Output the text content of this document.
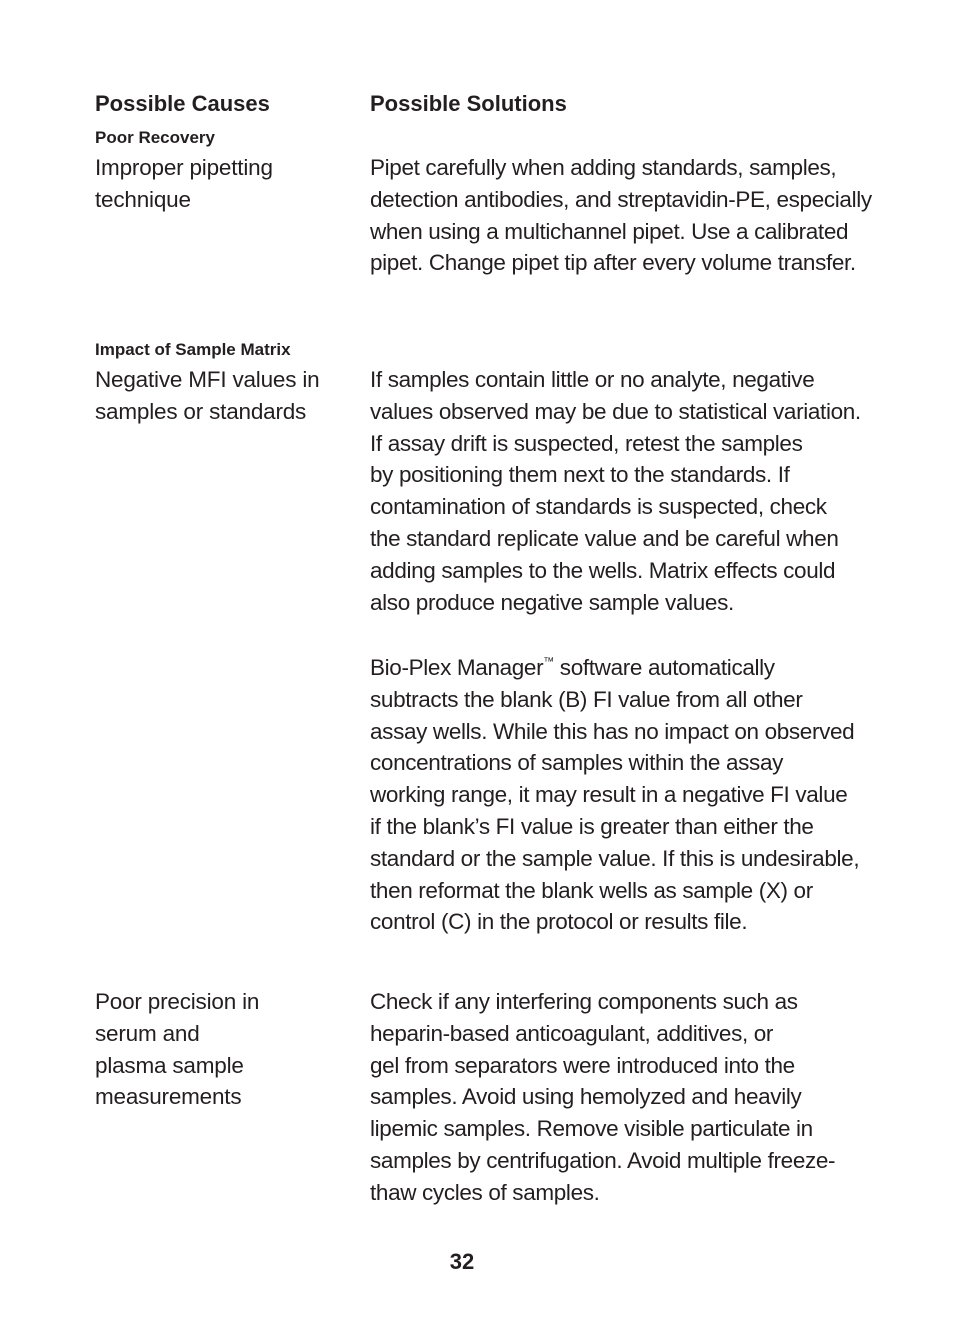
Possible Causes	Possible Solutions
Poor Recovery
Improper pipetting
technique
Pipet carefully when adding standards, samples,
detection antibodies, and streptavidin-PE, especially
when using a multichannel pipet. Use a calibrated
pipet. Change pipet tip after every volume transfer.
Impact of Sample Matrix
Negative MFI values in
samples or standards
If samples contain little or no analyte, negative
values observed may be due to statistical variation.
If assay drift is suspected, retest the samples
by positioning them next to the standards. If
contamination of standards is suspected, check
the standard replicate value and be careful when
adding samples to the wells. Matrix effects could
also produce negative sample values.
Bio-Plex Manager™ software automatically
subtracts the blank (B) FI value from all other
assay wells. While this has no impact on observed
concentrations of samples within the assay
working range, it may result in a negative FI value
if the blank’s FI value is greater than either the
standard or the sample value. If this is undesirable,
then reformat the blank wells as sample (X) or
control (C) in the protocol or results file.
Poor precision in
serum and
plasma sample
measurements
Check if any interfering components such as
heparin-based anticoagulant, additives, or
gel from separators were introduced into the
samples. Avoid using hemolyzed and heavily
lipemic samples. Remove visible particulate in
samples by centrifugation. Avoid multiple freeze-
thaw cycles of samples.
32
